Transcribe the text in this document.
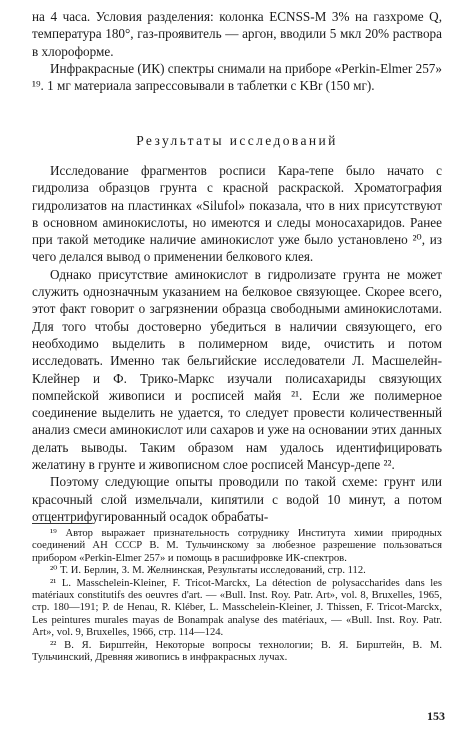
на 4 часа. Условия разделения: колонка ECNSS-M 3% на газхроме Q, температура 180°, газ-проявитель — аргон, вводили 5 мкл 20% раствора в хлороформе.

Инфракрасные (ИК) спектры снимали на приборе «Perkin-Elmer 257» ¹⁹. 1 мг материала запрессовывали в таблетки с KBr (150 мг).

Результаты исследований

Исследование фрагментов росписи Кара-тепе было начато с гидролиза образцов грунта с красной раскраской. Хроматография гидролизатов на пластинках «Silufol» показала, что в них присутствуют в основном аминокислоты, но имеются и следы моносахаридов. Ранее при такой методике наличие аминокислот уже было установлено ²⁰, из чего делался вывод о применении белкового клея.

Однако присутствие аминокислот в гидролизате грунта не может служить однозначным указанием на белковое связующее. Скорее всего, этот факт говорит о загрязнении образца свободными аминокислотами. Для того чтобы достоверно убедиться в наличии связующего, его необходимо выделить в полимерном виде, очистить и потом исследовать. Именно так бельгийские исследователи Л. Масшелейн-Клейнер и Ф. Трико-Маркс изучали полисахариды связующих помпейской живописи и росписей майя ²¹. Если же полимерное соединение выделить не удается, то следует провести количественный анализ смеси аминокислот или сахаров и уже на основании этих данных делать выводы. Таким образом нам удалось идентифицировать желатину в грунте и живописном слое росписей Мансур-депе ²².

Поэтому следующие опыты проводили по такой схеме: грунт или красочный слой измельчали, кипятили с водой 10 минут, а потом отцентрифугированный осадок обрабаты-

¹⁹ Автор выражает признательность сотруднику Института химии природных соединений АН СССР В. М. Тульчинскому за любезное разрешение пользоваться прибором «Perkin-Elmer 257» и помощь в расшифровке ИК-спектров.

²⁰ Т. И. Берлин, З. М. Желнинская, Результаты исследований, стр. 112.

²¹ L. Masschelein-Kleiner, F. Tricot-Marckx, La détection de polysaccharides dans les matériaux constitutifs des oeuvres d'art. — «Bull. Inst. Roy. Patr. Art», vol. 8, Bruxelles, 1965, стр. 180—191; P. de Henau, R. Kléber, L. Masschelein-Kleiner, J. Thissen, F. Tricot-Marckx, Les peintures murales mayas de Bonampak analyse des matériaux, — «Bull. Inst. Roy. Patr. Art», vol. 9, Bruxelles, 1966, стр. 114—124.

²² В. Я. Бирштейн, Некоторые вопросы технологии; В. Я. Бирштейн, В. М. Тульчинский, Древняя живопись в инфракрасных лучах.

153
